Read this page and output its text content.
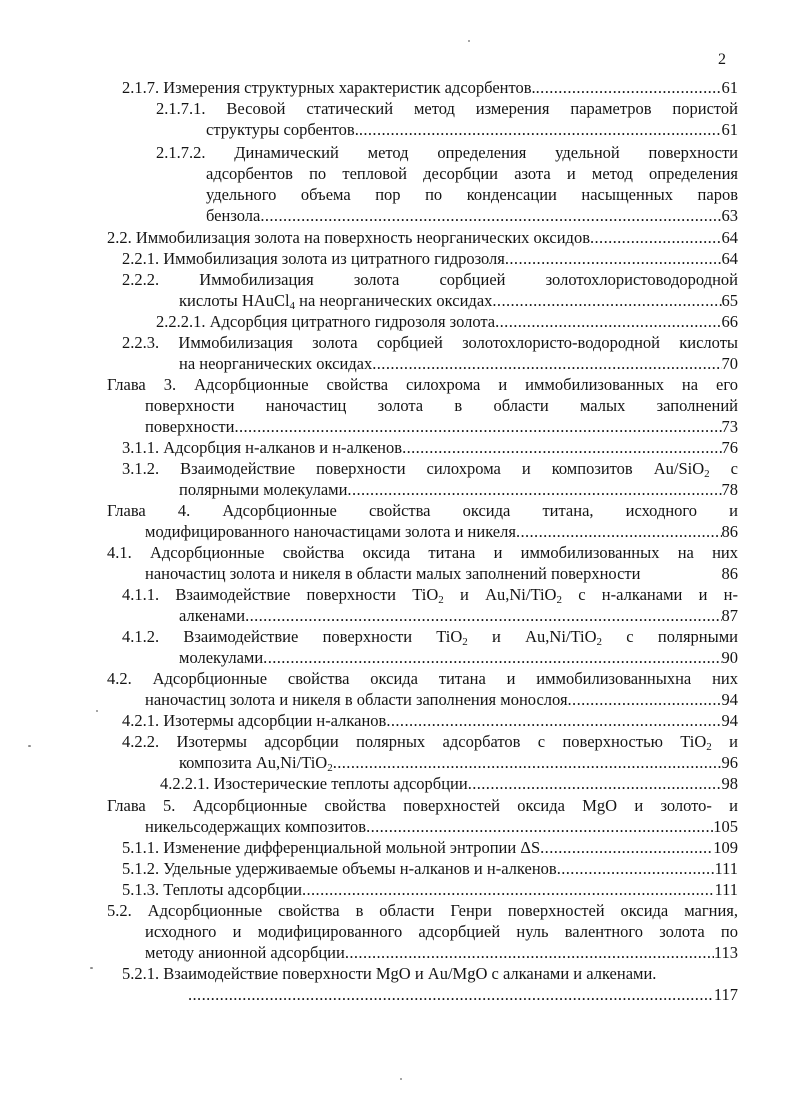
2
2.1.7. Измерения структурных характеристик адсорбентов. .....	61
2.1.7.1. Весовой статический метод измерения параметров пористой
структуры сорбентов. .....	61
2.1.7.2. Динамический метод определения удельной поверхности
адсорбентов по тепловой десорбции азота и метод определения
удельного объема пор по конденсации насыщенных паров
бензола .....	63
2.2. Иммобилизация золота на поверхность неорганических оксидов .....	64
2.2.1. Иммобилизация золота из цитратного гидрозоля .....	64
2.2.2. Иммобилизация золота сорбцией золотохлористоводородной
кислоты HAuCl$_4$ на неорганических оксидах .....	65
2.2.2.1. Адсорбция цитратного гидрозоля золота .....	66
2.2.3. Иммобилизация золота сорбцией золотохлористо-водородной кислоты
на неорганических оксидах .....	70
Глава 3. Адсорбционные свойства силохрома и иммобилизованных на его
поверхности наночастиц золота в области малых заполнений
поверхности .....	73
3.1.1. Адсорбция н-алканов и н-алкенов .....	76
3.1.2. Взаимодействие поверхности силохрома и композитов Au/SiO$_2$ с
полярными молекулами .....	78
Глава 4. Адсорбционные свойства оксида титана, исходного и
модифицированного наночастицами золота и никеля .....	86
4.1. Адсорбционные свойства оксида титана и иммобилизованных на них
наночастиц золота и никеля в области малых заполнений поверхности	86
4.1.1. Взаимодействие поверхности TiO$_2$ и Au,Ni/TiO$_2$ с н-алканами и н-
алкенами .....	87
4.1.2. Взаимодействие поверхности TiO$_2$ и Au,Ni/TiO$_2$ с полярными
молекулами .....	90
4.2. Адсорбционные свойства оксида титана и иммобилизованныхна них
наночастиц золота и никеля в области заполнения монослоя .....	94
4.2.1. Изотермы адсорбции н-алканов .....	94
4.2.2. Изотермы адсорбции полярных адсорбатов с поверхностью TiO$_2$ и
композита Au,Ni/TiO$_2$ .....	96
4.2.2.1. Изостерические теплоты адсорбции .....	98
Глава 5. Адсорбционные свойства поверхностей оксида MgO и золото- и
никельсодержащих композитов .....	105
5.1.1. Изменение дифференциальной мольной энтропии ΔS .....	109
5.1.2. Удельные удерживаемые объемы н-алканов и н-алкенов .....	111
5.1.3. Теплоты адсорбции .....	111
5.2. Адсорбционные свойства в области Генри поверхностей оксида магния,
исходного и модифицированного адсорбцией нуль валентного золота по
методу анионной адсорбции .....	113
5.2.1. Взаимодействие поверхности MgO и Au/MgO с алканами и алкенами.
.....
117
